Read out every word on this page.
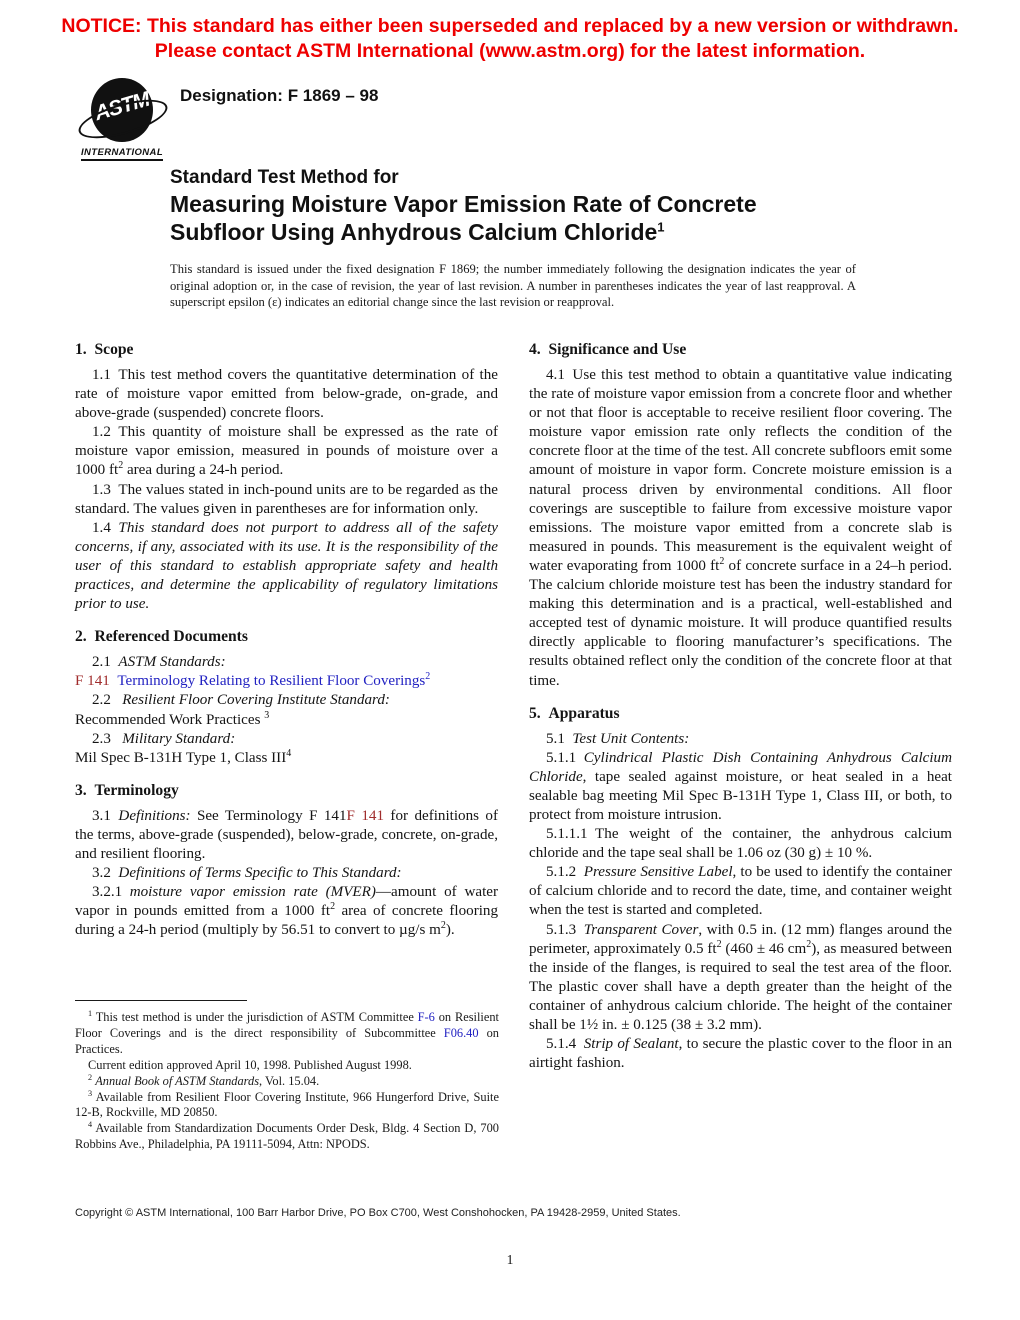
NOTICE: This standard has either been superseded and replaced by a new version or withdrawn.
Please contact ASTM International (www.astm.org) for the latest information.
ASTM
INTERNATIONAL
Designation: F 1869 – 98

Standard Test Method for

Measuring Moisture Vapor Emission Rate of Concrete

Subfloor Using Anhydrous Calcium Chloride$^1$

This standard is issued under the fixed designation F 1869; the number immediately following the designation indicates the year of original adoption or, in the case of revision, the year of last revision. A number in parentheses indicates the year of last reapproval. A superscript epsilon (ε) indicates an editorial change since the last revision or reapproval.
1. Scope

1.1 This test method covers the quantitative determination of the rate of moisture vapor emitted from below-grade, on-grade, and above-grade (suspended) concrete floors.

1.2 This quantity of moisture shall be expressed as the rate of moisture vapor emission, measured in pounds of moisture over a 1000 $ft^2$ area during a 24-h period.

1.3 The values stated in inch-pound units are to be regarded as the standard. The values given in parentheses are for information only.

1.4 This standard does not purport to address all of the safety concerns, if any, associated with its use. It is the responsibility of the user of this standard to establish appropriate safety and health practices, and determine the applicability of regulatory limitations prior to use.

2. Referenced Documents

2.1 ASTM Standards:

F 141  Terminology Relating to Resilient Floor Coverings$^2$

2.2  Resilient Floor Covering Institute Standard:

Recommended Work Practices $^3$

2.3  Military Standard:

Mil Spec B-131H Type 1, Class III$^4$

3. Terminology

3.1 Definitions: See Terminology F 141F 141 for definitions of the terms, above-grade (suspended), below-grade, concrete, on-grade, and resilient flooring.

3.2 Definitions of Terms Specific to This Standard:

3.2.1 moisture vapor emission rate (MVER)—amount of water vapor in pounds emitted from a 1000 $ft^2$ area of concrete flooring during a 24-h period (multiply by 56.51 to convert to µg/s $m^2$).

4. Significance and Use

4.1 Use this test method to obtain a quantitative value indicating the rate of moisture vapor emission from a concrete floor and whether or not that floor is acceptable to receive resilient floor covering. The moisture vapor emission rate only reflects the condition of the concrete floor at the time of the test. All concrete subfloors emit some amount of moisture in vapor form. Concrete moisture emission is a natural process driven by environmental conditions. All floor coverings are susceptible to failure from excessive moisture vapor emissions. The moisture vapor emitted from a concrete slab is measured in pounds. This measurement is the equivalent weight of water evaporating from 1000 $ft^2$ of concrete surface in a 24–h period. The calcium chloride moisture test has been the industry standard for making this determination and is a practical, well-established and accepted test of dynamic moisture. It will produce quantified results directly applicable to flooring manufacturer’s specifications. The results obtained reflect only the condition of the concrete floor at that time.

5. Apparatus

5.1 Test Unit Contents:

5.1.1 Cylindrical Plastic Dish Containing Anhydrous Calcium Chloride, tape sealed against moisture, or heat sealed in a heat sealable bag meeting Mil Spec B-131H Type 1, Class III, or both, to protect from moisture intrusion.

5.1.1.1 The weight of the container, the anhydrous calcium chloride and the tape seal shall be 1.06 oz (30 g) ± 10 %.

5.1.2 Pressure Sensitive Label, to be used to identify the container of calcium chloride and to record the date, time, and container weight when the test is started and completed.

5.1.3 Transparent Cover, with 0.5 in. (12 mm) flanges around the perimeter, approximately 0.5 $ft^2$ (460 ± 46 $cm^2$), as measured between the inside of the flanges, is required to seal the test area of the floor. The plastic cover shall have a depth greater than the height of the container of anhydrous calcium chloride. The height of the container shall be 1½ in. ± 0.125 (38 ± 3.2 mm).

5.1.4 Strip of Sealant, to secure the plastic cover to the floor in an airtight fashion.

$^1$ This test method is under the jurisdiction of ASTM Committee F-6 on Resilient Floor Coverings and is the direct responsibility of Subcommittee F06.40 on Practices.

Current edition approved April 10, 1998. Published August 1998.

$^2$ Annual Book of ASTM Standards, Vol. 15.04.

$^3$ Available from Resilient Floor Covering Institute, 966 Hungerford Drive, Suite 12-B, Rockville, MD 20850.

$^4$ Available from Standardization Documents Order Desk, Bldg. 4 Section D, 700 Robbins Ave., Philadelphia, PA 19111-5094, Attn: NPODS.

Copyright © ASTM International, 100 Barr Harbor Drive, PO Box C700, West Conshohocken, PA 19428-2959, United States.
1
